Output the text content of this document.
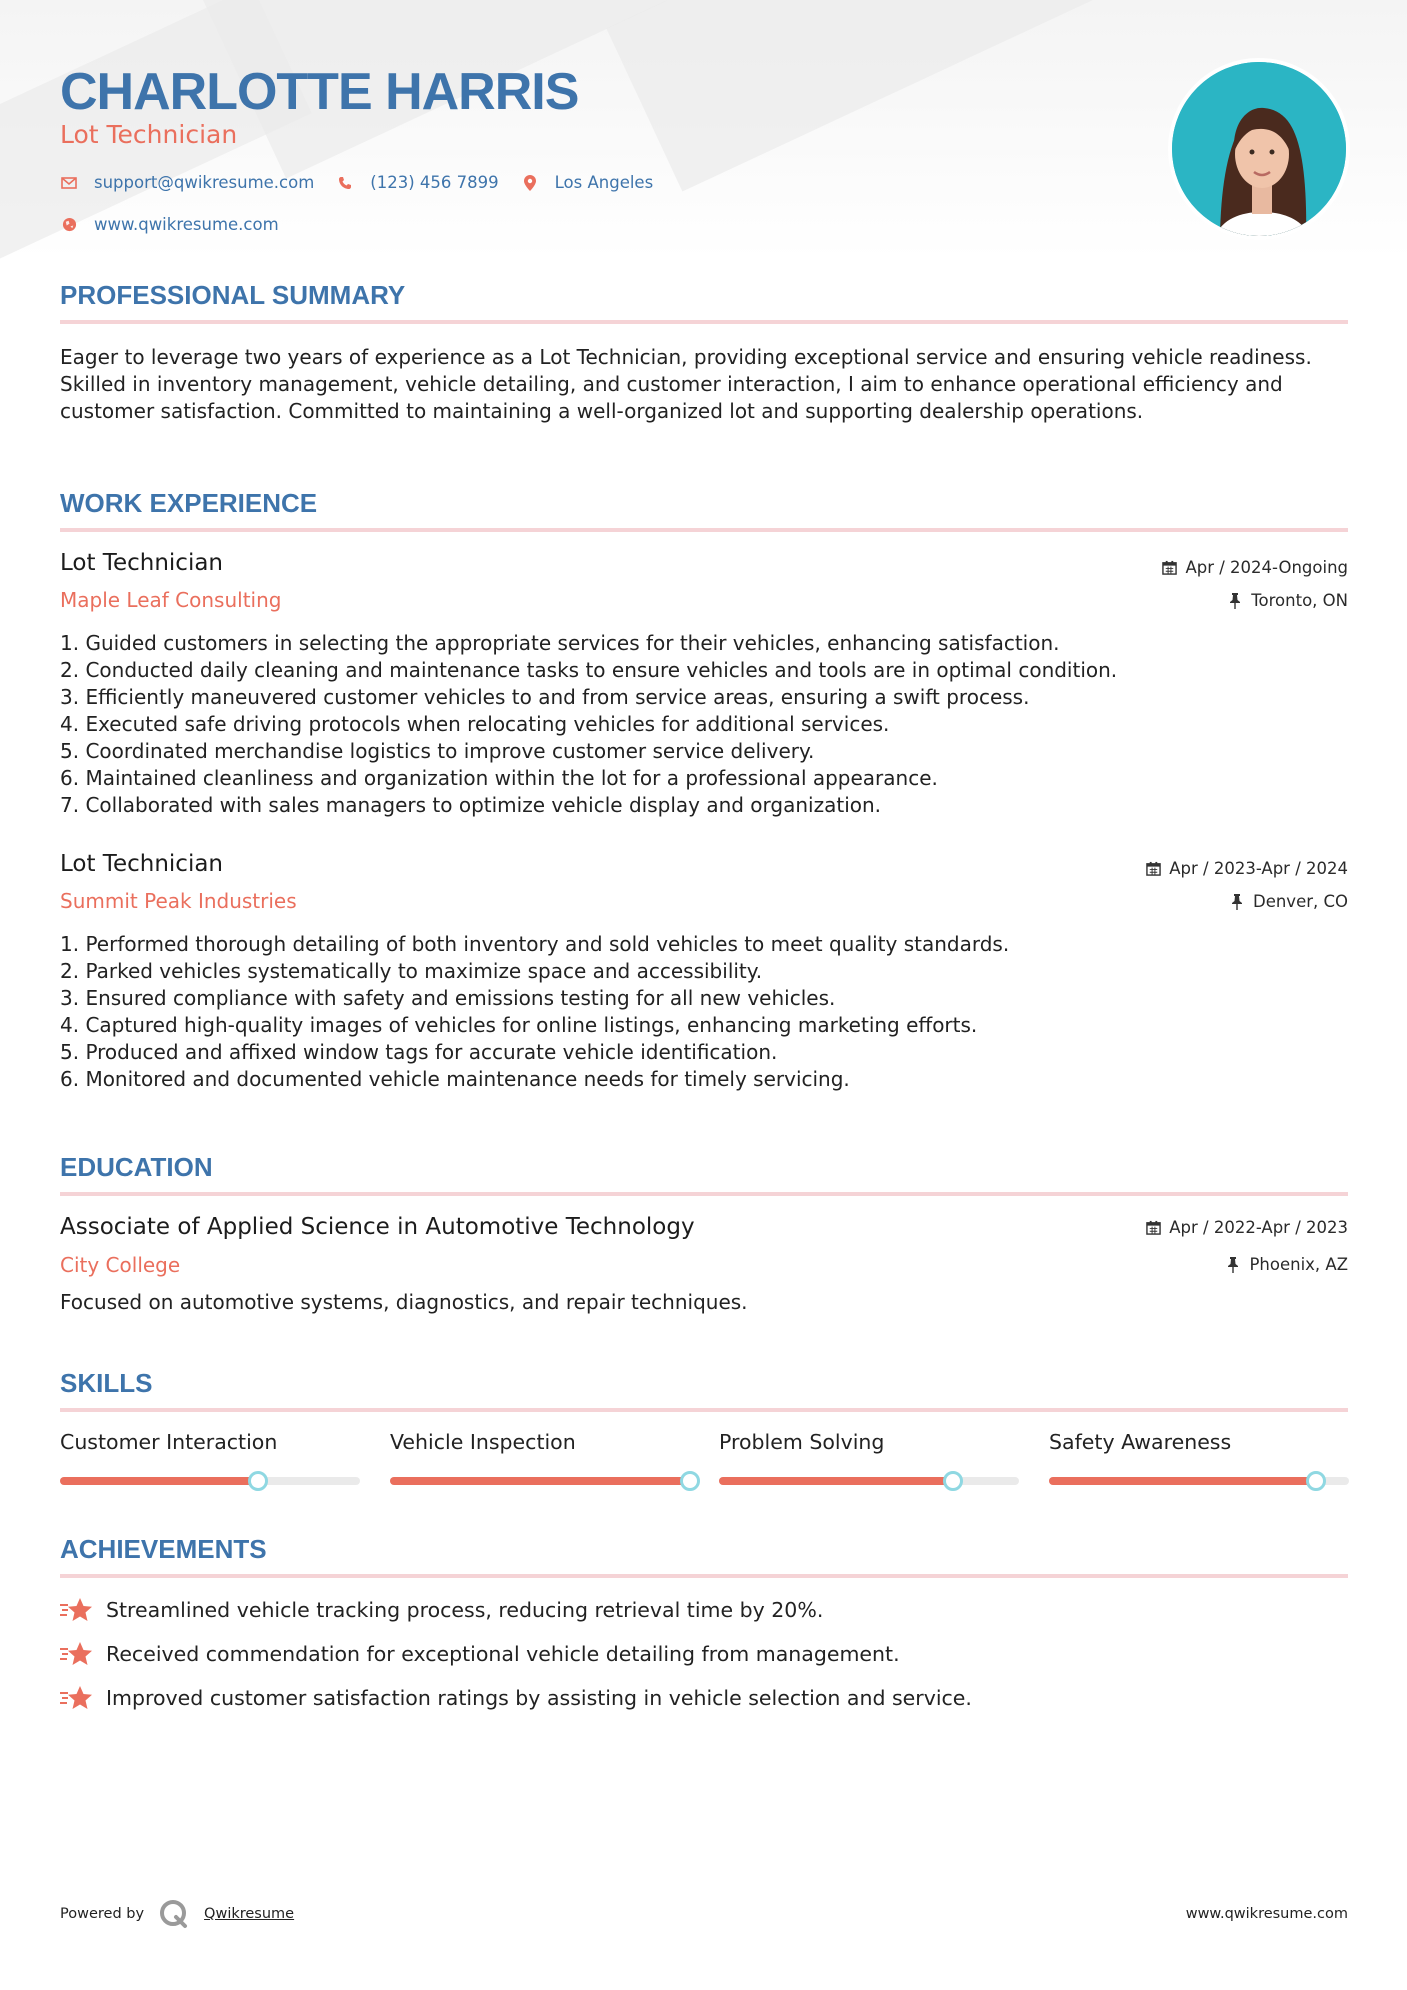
CHARLOTTE HARRIS
Lot Technician
support@qwikresume.com	(123) 456 7899	Los Angeles
www.qwikresume.com
PROFESSIONAL SUMMARY
Eager to leverage two years of experience as a Lot Technician, providing exceptional service and ensuring vehicle readiness. Skilled in inventory management, vehicle detailing, and customer interaction, I aim to enhance operational efficiency and customer satisfaction. Committed to maintaining a well-organized lot and supporting dealership operations.
WORK EXPERIENCE
Lot Technician
Maple Leaf Consulting
Apr / 2024-Ongoing
Toronto, ON
1. Guided customers in selecting the appropriate services for their vehicles, enhancing satisfaction.
2. Conducted daily cleaning and maintenance tasks to ensure vehicles and tools are in optimal condition.
3. Efficiently maneuvered customer vehicles to and from service areas, ensuring a swift process.
4. Executed safe driving protocols when relocating vehicles for additional services.
5. Coordinated merchandise logistics to improve customer service delivery.
6. Maintained cleanliness and organization within the lot for a professional appearance.
7. Collaborated with sales managers to optimize vehicle display and organization.
Lot Technician
Summit Peak Industries
Apr / 2023-Apr / 2024
Denver, CO
1. Performed thorough detailing of both inventory and sold vehicles to meet quality standards.
2. Parked vehicles systematically to maximize space and accessibility.
3. Ensured compliance with safety and emissions testing for all new vehicles.
4. Captured high-quality images of vehicles for online listings, enhancing marketing efforts.
5. Produced and affixed window tags for accurate vehicle identification.
6. Monitored and documented vehicle maintenance needs for timely servicing.
EDUCATION
Associate of Applied Science in Automotive Technology
City College
Apr / 2022-Apr / 2023
Phoenix, AZ
Focused on automotive systems, diagnostics, and repair techniques.
SKILLS
Customer Interaction	Vehicle Inspection	Problem Solving	Safety Awareness
ACHIEVEMENTS
Streamlined vehicle tracking process, reducing retrieval time by 20%.
Received commendation for exceptional vehicle detailing from management.
Improved customer satisfaction ratings by assisting in vehicle selection and service.
Powered by	Qwikresume	www.qwikresume.com
